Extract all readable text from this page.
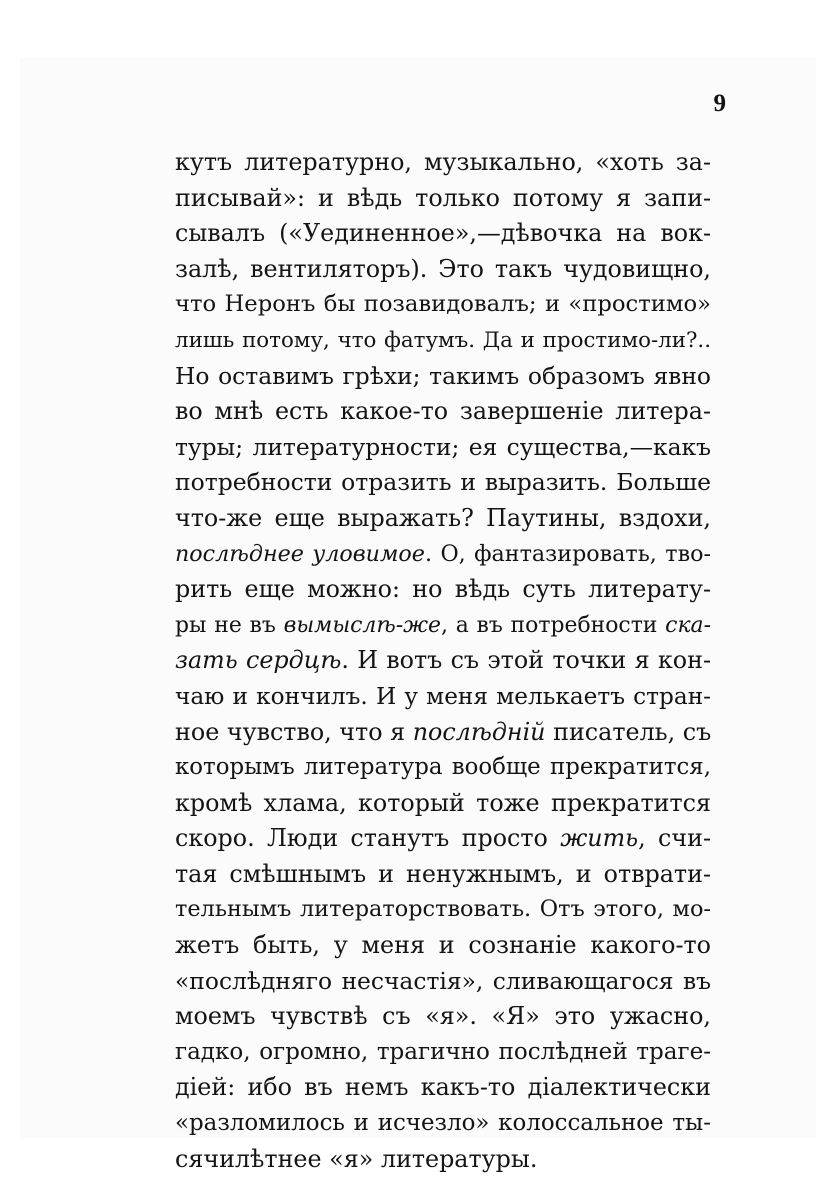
9
кутъ литературно, музыкально, «хоть за-
писывай»: и вѣдь только потому я запи-
сывалъ («Уединенное»,—дѣвочка на вок-
залѣ, вентиляторъ). Это такъ чудовищно,
что Неронъ бы позавидовалъ; и «простимо»
лишь потому, что фатумъ. Да и простимо-ли?..
Но оставимъ грѣхи; такимъ образомъ явно
во мнѣ есть какое-то завершеніе литера-
туры; литературности; ея существа,—какъ
потребности отразить и выразить. Больше
что-же еще выражать? Паутины, вздохи,
послѣднее уловимое. О, фантазировать, тво-
рить еще можно: но вѣдь суть литерату-
ры не въ вымыслѣ-же, а въ потребности ска-
зать сердцѣ. И вотъ съ этой точки я кон-
чаю и кончилъ. И у меня мелькаетъ стран-
ное чувство, что я послѣдній писатель, съ
которымъ литература вообще прекратится,
кромѣ хлама, который тоже прекратится
скоро. Люди станутъ просто жить, счи-
тая смѣшнымъ и ненужнымъ, и отврати-
тельнымъ литераторствовать. Отъ этого, мо-
жетъ быть, у меня и сознаніе какого-то
«послѣдняго несчастія», сливающагося въ
моемъ чувствѣ съ «я». «Я» это ужасно,
гадко, огромно, трагично послѣдней траге-
діей: ибо въ немъ какъ-то діалектически
«разломилось и исчезло» колоссальное ты-
сячилѣтнее «я» литературы.
